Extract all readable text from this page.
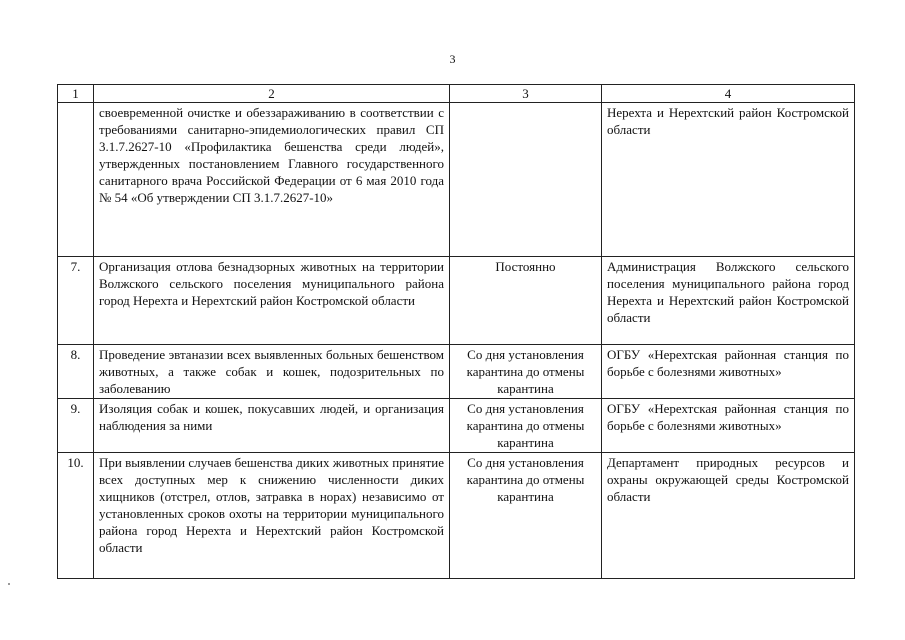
3
1	2	3	4
	своевременной очистке и обеззараживанию в соответствии с требованиями санитарно-эпидемиологических правил СП 3.1.7.2627-10 «Профилактика бешенства среди людей», утвержденных постановлением Главного государственного санитарного врача Российской Федерации от 6 мая 2010 года № 54 «Об утверждении СП 3.1.7.2627-10»		Нерехта и Нерехтский район Костромской области
7.	Организация отлова безнадзорных животных на территории Волжского сельского поселения муниципального района город Нерехта и Нерехтский район Костромской области	Постоянно	Администрация Волжского сельского поселения муниципального района город Нерехта и Нерехтский район Костромской области
8.	Проведение эвтаназии всех выявленных больных бешенством животных, а также собак и кошек, подозрительных по заболеванию	Со дня установления карантина до отмены карантина	ОГБУ «Нерехтская районная станция по борьбе с болезнями животных»
9.	Изоляция собак и кошек, покусавших людей, и организация наблюдения за ними	Со дня установления карантина до отмены карантина	ОГБУ «Нерехтская районная станция по борьбе с болезнями животных»
10.	При выявлении случаев бешенства диких животных принятие всех доступных мер к снижению численности диких хищников (отстрел, отлов, затравка в норах) независимо от установленных сроков охоты на территории муниципального района город Нерехта и Нерехтский район Костромской области	Со дня установления карантина до отмены карантина	Департамент природных ресурсов и охраны окружающей среды Костромской области
